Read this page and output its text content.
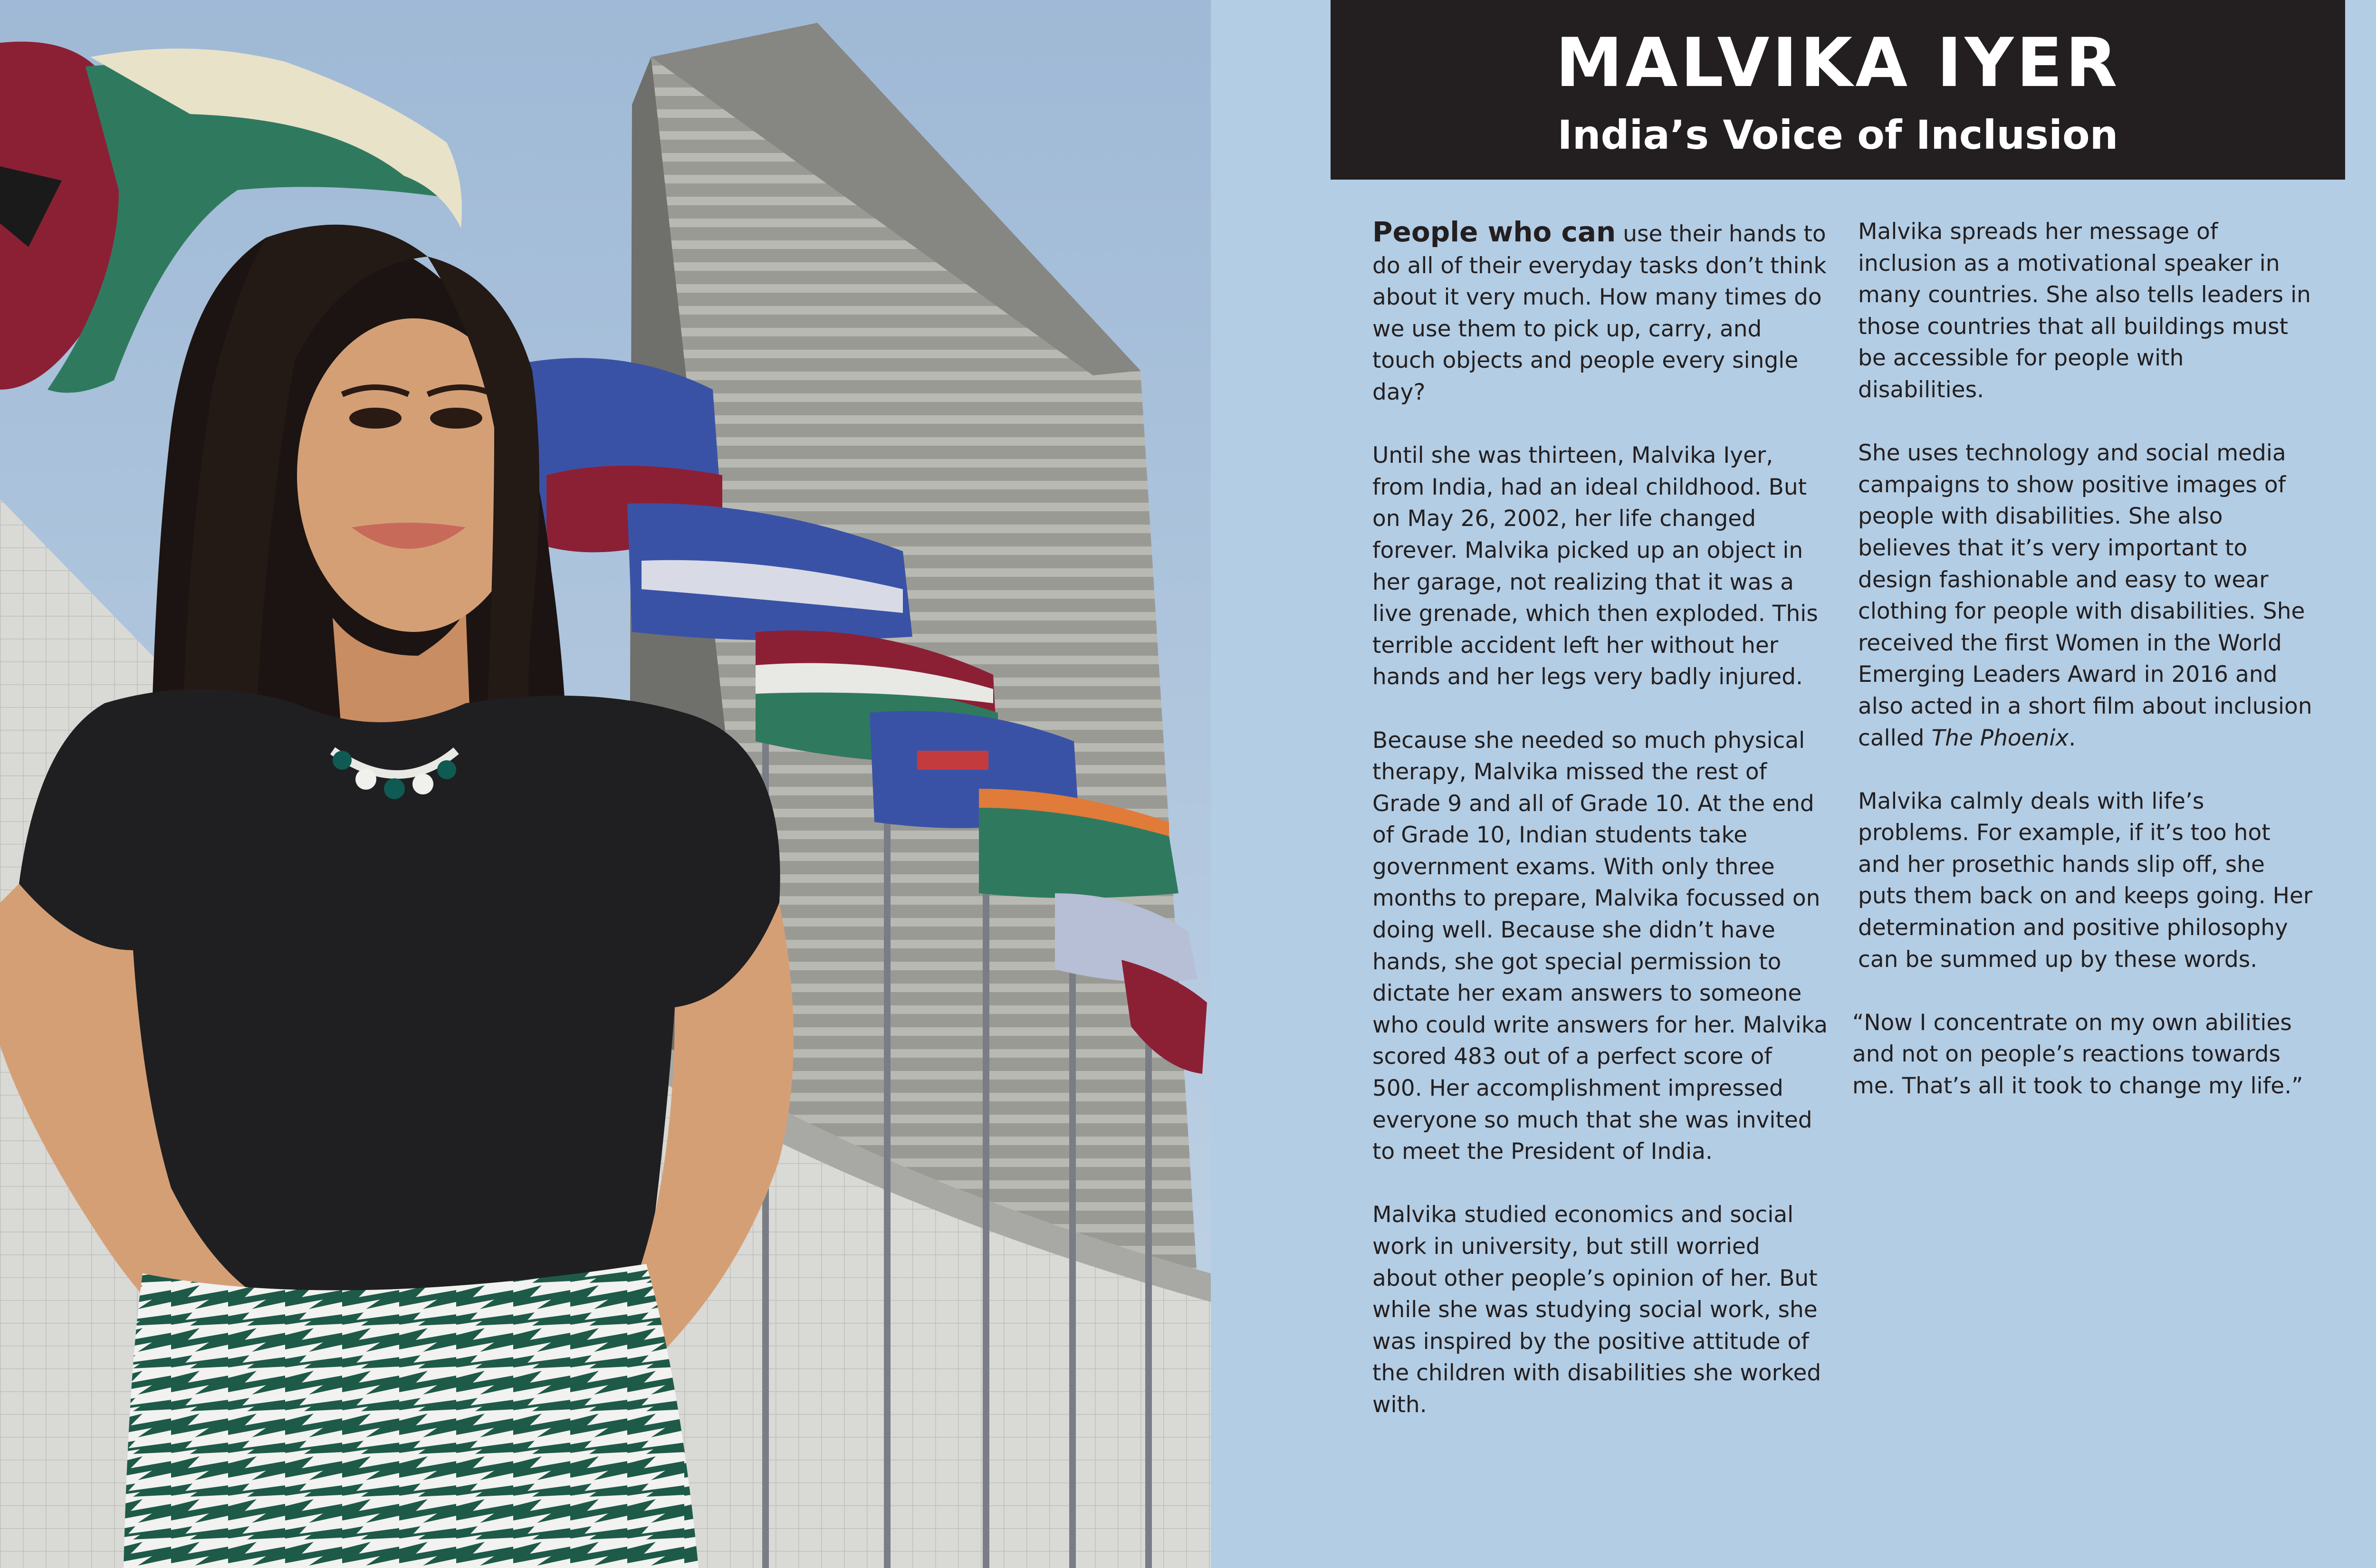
MALVIKA IYER
India’s Voice of Inclusion

People who can use their hands to do all of their everyday tasks don’t think about it very much. How many times do we use them to pick up, carry, and touch objects and people every single day?

Until she was thirteen, Malvika Iyer, from India, had an ideal childhood. But on May 26, 2002, her life changed forever. Malvika picked up an object in her garage, not realizing that it was a live grenade, which then exploded. This terrible accident left her without her hands and her legs very badly injured.

Because she needed so much physical therapy, Malvika missed the rest of Grade 9 and all of Grade 10. At the end of Grade 10, Indian students take government exams. With only three months to prepare, Malvika focussed on doing well. Because she didn’t have hands, she got special permission to dictate her exam answers to someone who could write answers for her. Malvika scored 483 out of a perfect score of 500. Her accomplishment impressed everyone so much that she was invited to meet the President of India.

Malvika studied economics and social work in university, but still worried about other people’s opinion of her. But while she was studying social work, she was inspired by the positive attitude of the children with disabilities she worked with.

Malvika spreads her message of inclusion as a motivational speaker in many countries. She also tells leaders in those countries that all buildings must be accessible for people with disabilities.

She uses technology and social media campaigns to show positive images of people with disabilities. She also believes that it’s very important to design fashionable and easy to wear clothing for people with disabilities. She received the first Women in the World Emerging Leaders Award in 2016 and also acted in a short film about inclusion called The Phoenix.

Malvika calmly deals with life’s problems. For example, if it’s too hot and her prosethic hands slip off, she puts them back on and keeps going. Her determination and positive philosophy can be summed up by these words.

“Now I concentrate on my own abilities and not on people’s reactions towards me. That’s all it took to change my life.”
